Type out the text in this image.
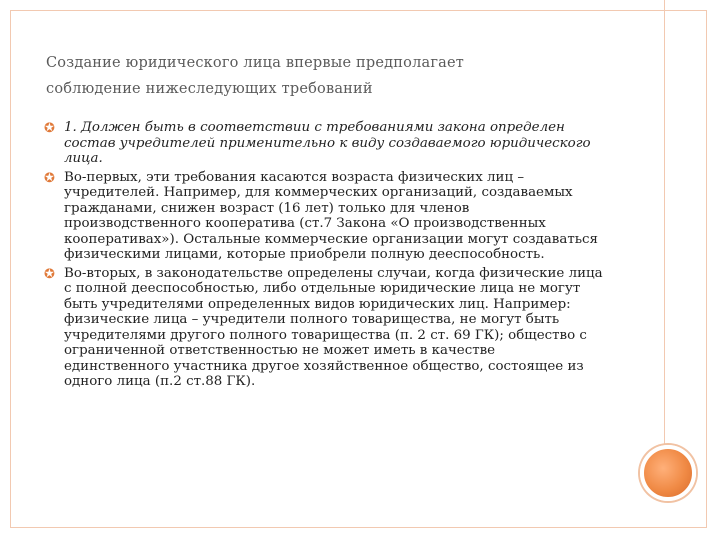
Создание юридического лица впервые предполагает
соблюдение нижеследующих требований
✪ 1. Должен быть в соответствии с требованиями закона определен состав учредителей применительно к виду создаваемого юридического лица.
✪ Во-первых, эти требования касаются возраста физических лиц – учредителей. Например, для коммерческих организаций, создаваемых гражданами, снижен возраст (16 лет) только для членов производственного кооператива (ст.7 Закона «О производственных кооперативах»). Остальные коммерческие организации могут создаваться физическими лицами, которые приобрели полную дееспособность.
✪ Во-вторых, в законодательстве определены случаи, когда физические лица с полной дееспособностью, либо отдельные юридические лица не могут быть учредителями определенных видов юридических лиц. Например: физические лица – учредители полного товарищества, не могут быть учредителями другого полного товарищества (п. 2 ст. 69 ГК); общество с ограниченной ответственностью не может иметь в качестве единственного участника другое хозяйственное общество, состоящее из одного лица (п.2 ст.88 ГК).
